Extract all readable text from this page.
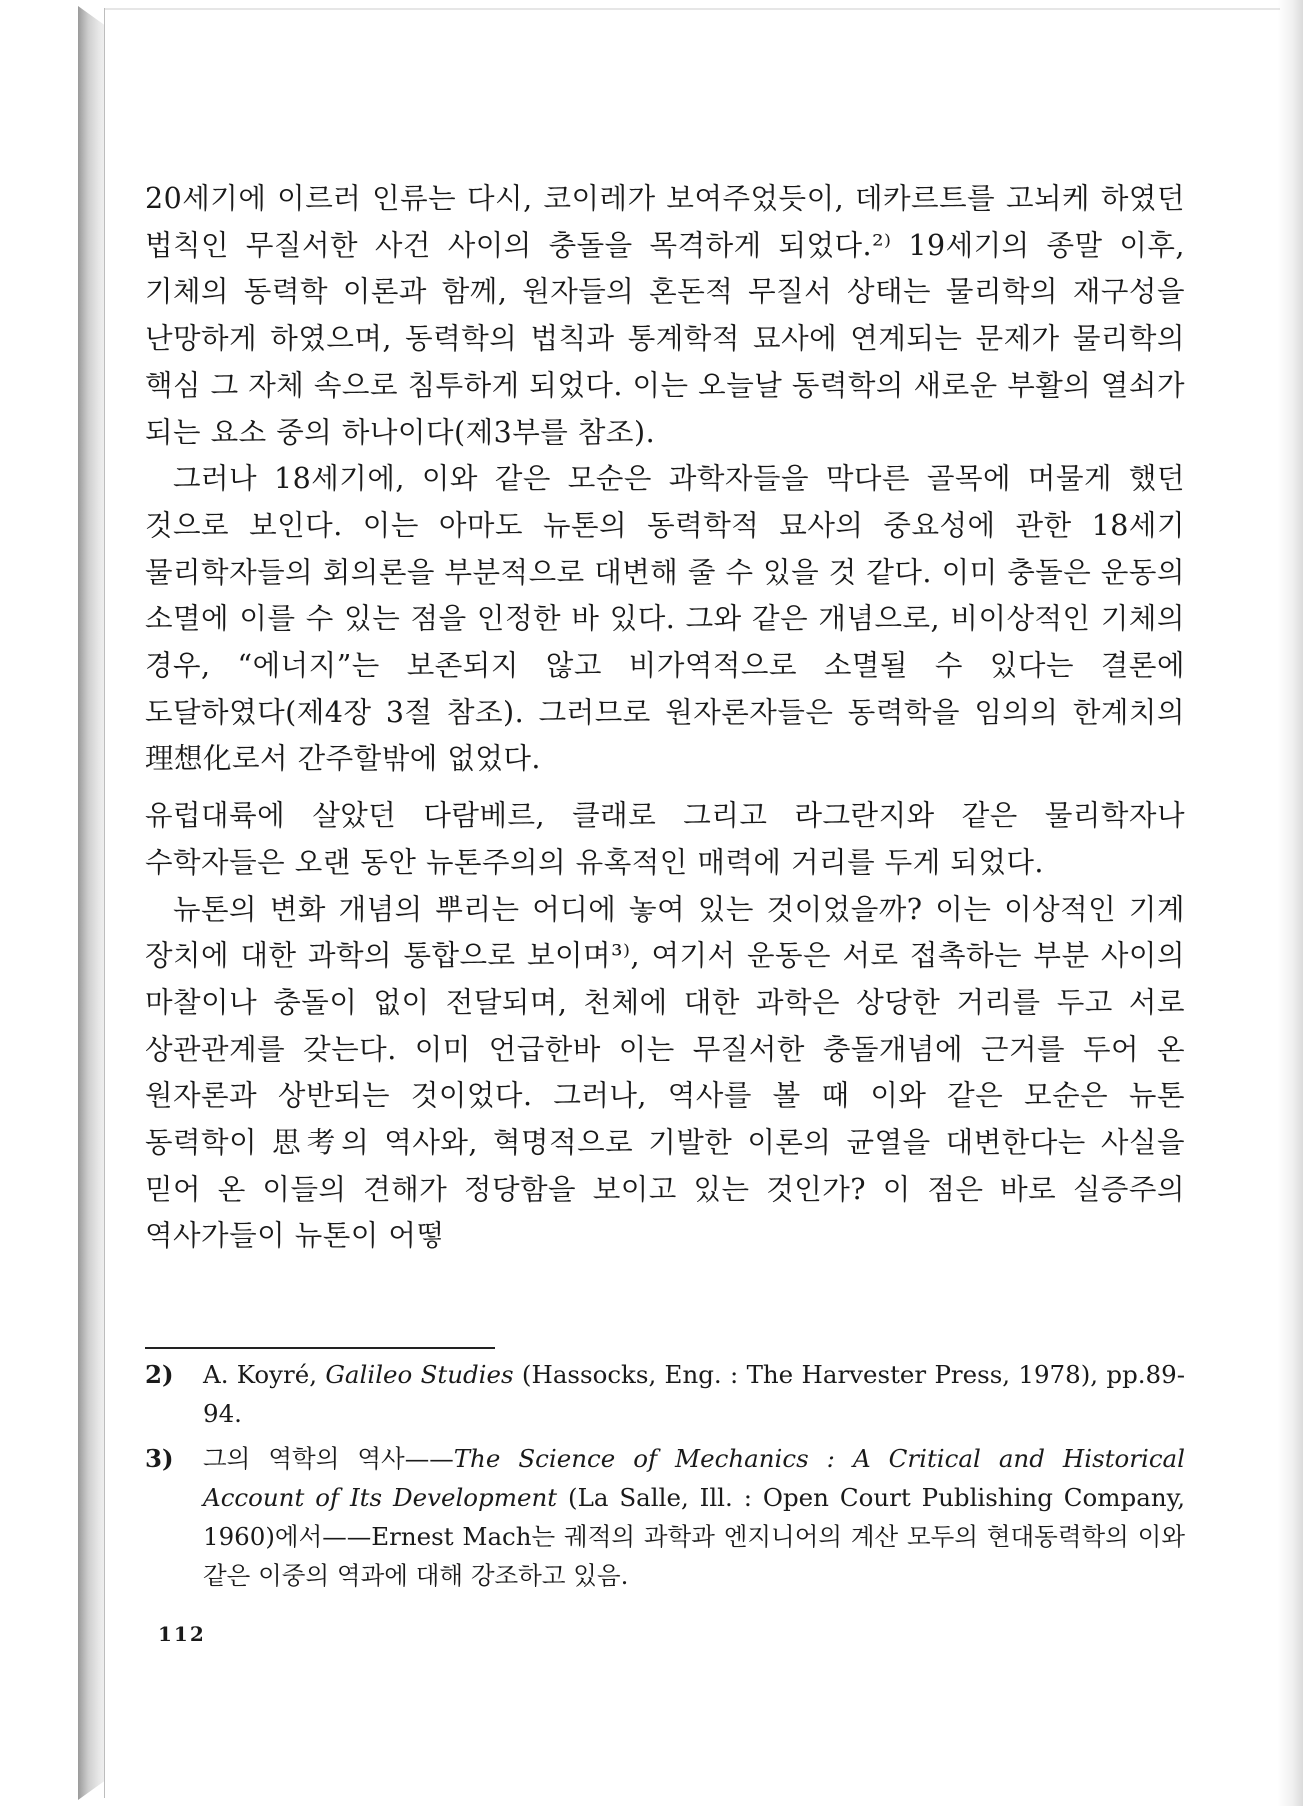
20세기에 이르러 인류는 다시, 코이레가 보여주었듯이, 데카르트를 고뇌케 하였던 법칙인 무질서한 사건 사이의 충돌을 목격하게 되었다.²⁾ 19세기의 종말 이후, 기체의 동력학 이론과 함께, 원자들의 혼돈적 무질서 상태는 물리학의 재구성을 난망하게 하였으며, 동력학의 법칙과 통계학적 묘사에 연계되는 문제가 물리학의 핵심 그 자체 속으로 침투하게 되었다. 이는 오늘날 동력학의 새로운 부활의 열쇠가 되는 요소 중의 하나이다(제3부를 참조).

그러나 18세기에, 이와 같은 모순은 과학자들을 막다른 골목에 머물게 했던 것으로 보인다. 이는 아마도 뉴톤의 동력학적 묘사의 중요성에 관한 18세기 물리학자들의 회의론을 부분적으로 대변해 줄 수 있을 것 같다. 이미 충돌은 운동의 소멸에 이를 수 있는 점을 인정한 바 있다. 그와 같은 개념으로, 비이상적인 기체의 경우, “에너지”는 보존되지 않고 비가역적으로 소멸될 수 있다는 결론에 도달하였다(제4장 3절 참조). 그러므로 원자론자들은 동력학을 임의의 한계치의 理想化로서 간주할밖에 없었다.

유럽대륙에 살았던 다람베르, 클래로 그리고 라그란지와 같은 물리학자나 수학자들은 오랜 동안 뉴톤주의의 유혹적인 매력에 거리를 두게 되었다.

뉴톤의 변화 개념의 뿌리는 어디에 놓여 있는 것이었을까? 이는 이상적인 기계 장치에 대한 과학의 통합으로 보이며³⁾, 여기서 운동은 서로 접촉하는 부분 사이의 마찰이나 충돌이 없이 전달되며, 천체에 대한 과학은 상당한 거리를 두고 서로 상관관계를 갖는다. 이미 언급한바 이는 무질서한 충돌개념에 근거를 두어 온 원자론과 상반되는 것이었다. 그러나, 역사를 볼 때 이와 같은 모순은 뉴톤 동력학이 思考의 역사와, 혁명적으로 기발한 이론의 균열을 대변한다는 사실을 믿어 온 이들의 견해가 정당함을 보이고 있는 것인가? 이 점은 바로 실증주의 역사가들이 뉴톤이 어떻

2) A. Koyré, Galileo Studies (Hassocks, Eng. : The Harvester Press, 1978), pp.89-94.

3) 그의 역학의 역사——The Science of Mechanics : A Critical and Historical Account of Its Development (La Salle, Ill. : Open Court Publishing Company, 1960)에서——Ernest Mach는 궤적의 과학과 엔지니어의 계산 모두의 현대동력학의 이와 같은 이중의 역과에 대해 강조하고 있음.

112
